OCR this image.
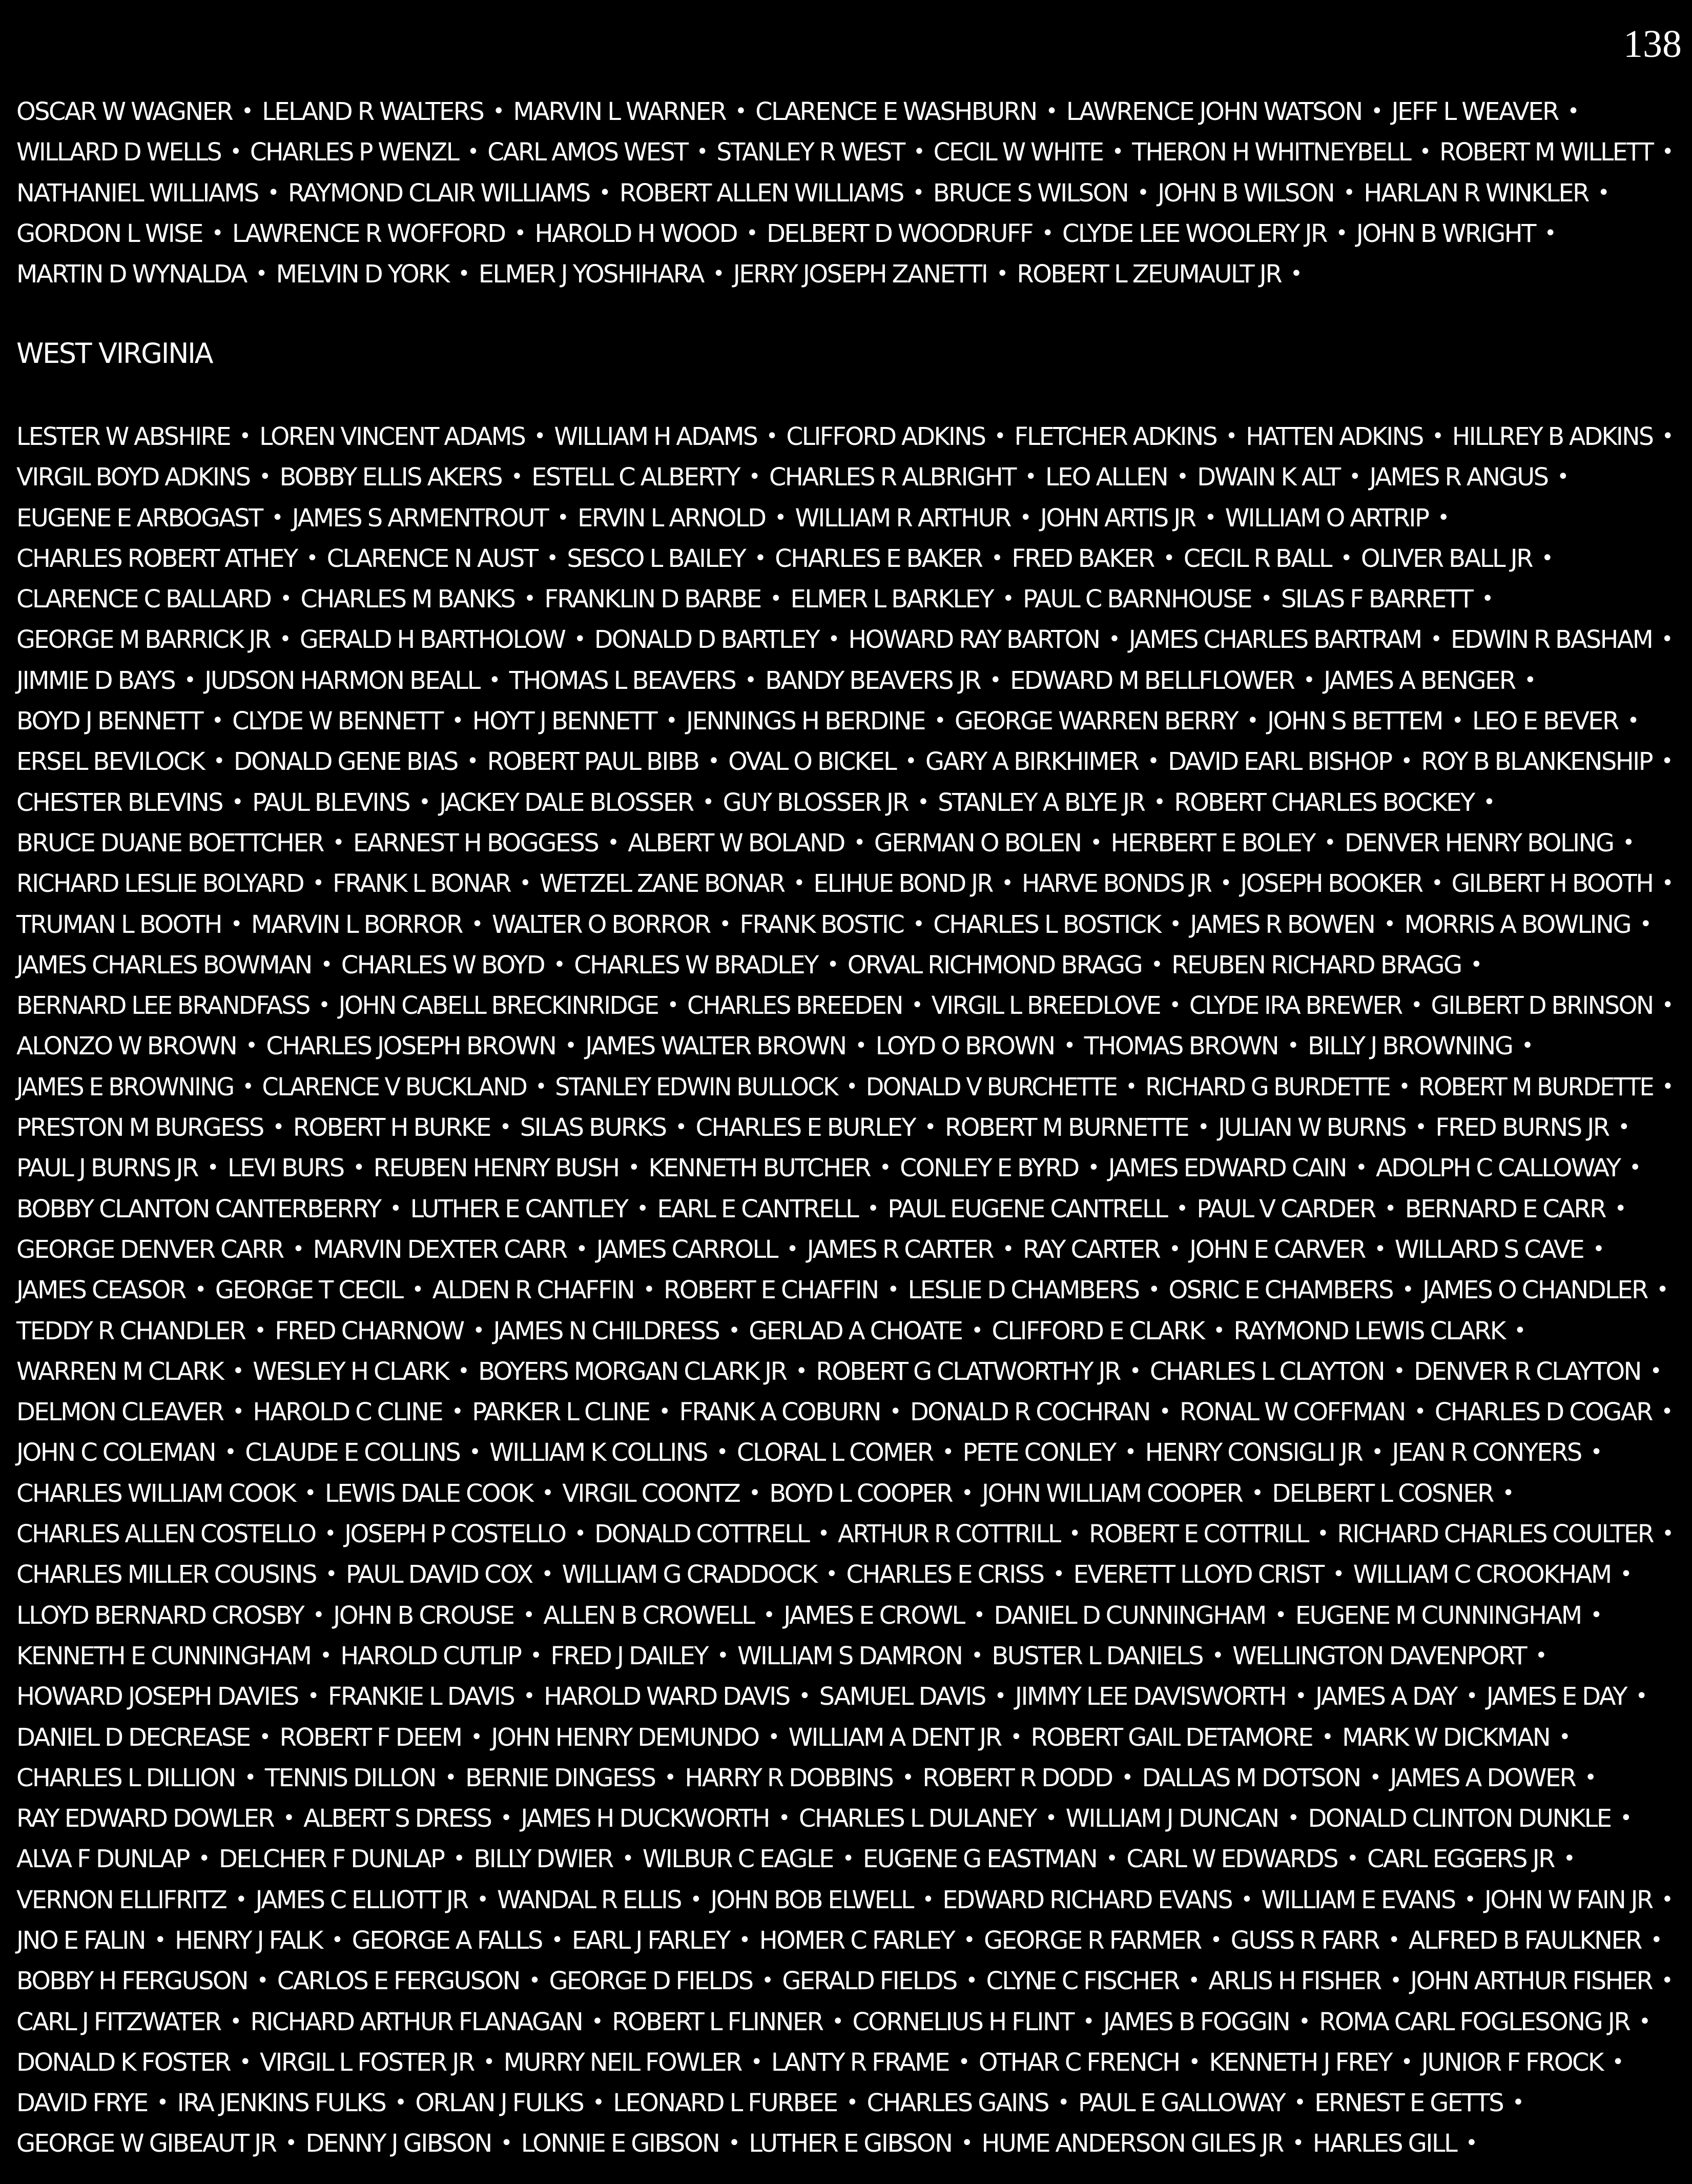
138
OSCAR W WAGNER • LELAND R WALTERS • MARVIN L WARNER • CLARENCE E WASHBURN • LAWRENCE JOHN WATSON • JEFF L WEAVER •
WILLARD D WELLS • CHARLES P WENZL • CARL AMOS WEST • STANLEY R WEST • CECIL W WHITE • THERON H WHITNEYBELL • ROBERT M WILLETT •
NATHANIEL WILLIAMS • RAYMOND CLAIR WILLIAMS • ROBERT ALLEN WILLIAMS • BRUCE S WILSON • JOHN B WILSON • HARLAN R WINKLER •
GORDON L WISE • LAWRENCE R WOFFORD • HAROLD H WOOD • DELBERT D WOODRUFF • CLYDE LEE WOOLERY JR • JOHN B WRIGHT •
MARTIN D WYNALDA • MELVIN D YORK • ELMER J YOSHIHARA • JERRY JOSEPH ZANETTI • ROBERT L ZEUMAULT JR •
WEST VIRGINIA
LESTER W ABSHIRE • LOREN VINCENT ADAMS • WILLIAM H ADAMS • CLIFFORD ADKINS • FLETCHER ADKINS • HATTEN ADKINS • HILLREY B ADKINS •
VIRGIL BOYD ADKINS • BOBBY ELLIS AKERS • ESTELL C ALBERTY • CHARLES R ALBRIGHT • LEO ALLEN • DWAIN K ALT • JAMES R ANGUS •
EUGENE E ARBOGAST • JAMES S ARMENTROUT • ERVIN L ARNOLD • WILLIAM R ARTHUR • JOHN ARTIS JR • WILLIAM O ARTRIP •
CHARLES ROBERT ATHEY • CLARENCE N AUST • SESCO L BAILEY • CHARLES E BAKER • FRED BAKER • CECIL R BALL • OLIVER BALL JR •
CLARENCE C BALLARD • CHARLES M BANKS • FRANKLIN D BARBE • ELMER L BARKLEY • PAUL C BARNHOUSE • SILAS F BARRETT •
GEORGE M BARRICK JR • GERALD H BARTHOLOW • DONALD D BARTLEY • HOWARD RAY BARTON • JAMES CHARLES BARTRAM • EDWIN R BASHAM •
JIMMIE D BAYS • JUDSON HARMON BEALL • THOMAS L BEAVERS • BANDY BEAVERS JR • EDWARD M BELLFLOWER • JAMES A BENGER •
BOYD J BENNETT • CLYDE W BENNETT • HOYT J BENNETT • JENNINGS H BERDINE • GEORGE WARREN BERRY • JOHN S BETTEM • LEO E BEVER •
ERSEL BEVILOCK • DONALD GENE BIAS • ROBERT PAUL BIBB • OVAL O BICKEL • GARY A BIRKHIMER • DAVID EARL BISHOP • ROY B BLANKENSHIP •
CHESTER BLEVINS • PAUL BLEVINS • JACKEY DALE BLOSSER • GUY BLOSSER JR • STANLEY A BLYE JR • ROBERT CHARLES BOCKEY •
BRUCE DUANE BOETTCHER • EARNEST H BOGGESS • ALBERT W BOLAND • GERMAN O BOLEN • HERBERT E BOLEY • DENVER HENRY BOLING •
RICHARD LESLIE BOLYARD • FRANK L BONAR • WETZEL ZANE BONAR • ELIHUE BOND JR • HARVE BONDS JR • JOSEPH BOOKER • GILBERT H BOOTH •
TRUMAN L BOOTH • MARVIN L BORROR • WALTER O BORROR • FRANK BOSTIC • CHARLES L BOSTICK • JAMES R BOWEN • MORRIS A BOWLING •
JAMES CHARLES BOWMAN • CHARLES W BOYD • CHARLES W BRADLEY • ORVAL RICHMOND BRAGG • REUBEN RICHARD BRAGG •
BERNARD LEE BRANDFASS • JOHN CABELL BRECKINRIDGE • CHARLES BREEDEN • VIRGIL L BREEDLOVE • CLYDE IRA BREWER • GILBERT D BRINSON •
ALONZO W BROWN • CHARLES JOSEPH BROWN • JAMES WALTER BROWN • LOYD O BROWN • THOMAS BROWN • BILLY J BROWNING •
JAMES E BROWNING • CLARENCE V BUCKLAND • STANLEY EDWIN BULLOCK • DONALD V BURCHETTE • RICHARD G BURDETTE • ROBERT M BURDETTE •
PRESTON M BURGESS • ROBERT H BURKE • SILAS BURKS • CHARLES E BURLEY • ROBERT M BURNETTE • JULIAN W BURNS • FRED BURNS JR •
PAUL J BURNS JR • LEVI BURS • REUBEN HENRY BUSH • KENNETH BUTCHER • CONLEY E BYRD • JAMES EDWARD CAIN • ADOLPH C CALLOWAY •
BOBBY CLANTON CANTERBERRY • LUTHER E CANTLEY • EARL E CANTRELL • PAUL EUGENE CANTRELL • PAUL V CARDER • BERNARD E CARR •
GEORGE DENVER CARR • MARVIN DEXTER CARR • JAMES CARROLL • JAMES R CARTER • RAY CARTER • JOHN E CARVER • WILLARD S CAVE •
JAMES CEASOR • GEORGE T CECIL • ALDEN R CHAFFIN • ROBERT E CHAFFIN • LESLIE D CHAMBERS • OSRIC E CHAMBERS • JAMES O CHANDLER •
TEDDY R CHANDLER • FRED CHARNOW • JAMES N CHILDRESS • GERLAD A CHOATE • CLIFFORD E CLARK • RAYMOND LEWIS CLARK •
WARREN M CLARK • WESLEY H CLARK • BOYERS MORGAN CLARK JR • ROBERT G CLATWORTHY JR • CHARLES L CLAYTON • DENVER R CLAYTON •
DELMON CLEAVER • HAROLD C CLINE • PARKER L CLINE • FRANK A COBURN • DONALD R COCHRAN • RONAL W COFFMAN • CHARLES D COGAR •
JOHN C COLEMAN • CLAUDE E COLLINS • WILLIAM K COLLINS • CLORAL L COMER • PETE CONLEY • HENRY CONSIGLI JR • JEAN R CONYERS •
CHARLES WILLIAM COOK • LEWIS DALE COOK • VIRGIL COONTZ • BOYD L COOPER • JOHN WILLIAM COOPER • DELBERT L COSNER •
CHARLES ALLEN COSTELLO • JOSEPH P COSTELLO • DONALD COTTRELL • ARTHUR R COTTRILL • ROBERT E COTTRILL • RICHARD CHARLES COULTER •
CHARLES MILLER COUSINS • PAUL DAVID COX • WILLIAM G CRADDOCK • CHARLES E CRISS • EVERETT LLOYD CRIST • WILLIAM C CROOKHAM •
LLOYD BERNARD CROSBY • JOHN B CROUSE • ALLEN B CROWELL • JAMES E CROWL • DANIEL D CUNNINGHAM • EUGENE M CUNNINGHAM •
KENNETH E CUNNINGHAM • HAROLD CUTLIP • FRED J DAILEY • WILLIAM S DAMRON • BUSTER L DANIELS • WELLINGTON DAVENPORT •
HOWARD JOSEPH DAVIES • FRANKIE L DAVIS • HAROLD WARD DAVIS • SAMUEL DAVIS • JIMMY LEE DAVISWORTH • JAMES A DAY • JAMES E DAY •
DANIEL D DECREASE • ROBERT F DEEM • JOHN HENRY DEMUNDO • WILLIAM A DENT JR • ROBERT GAIL DETAMORE • MARK W DICKMAN •
CHARLES L DILLION • TENNIS DILLON • BERNIE DINGESS • HARRY R DOBBINS • ROBERT R DODD • DALLAS M DOTSON • JAMES A DOWER •
RAY EDWARD DOWLER • ALBERT S DRESS • JAMES H DUCKWORTH • CHARLES L DULANEY • WILLIAM J DUNCAN • DONALD CLINTON DUNKLE •
ALVA F DUNLAP • DELCHER F DUNLAP • BILLY DWIER • WILBUR C EAGLE • EUGENE G EASTMAN • CARL W EDWARDS • CARL EGGERS JR •
VERNON ELLIFRITZ • JAMES C ELLIOTT JR • WANDAL R ELLIS • JOHN BOB ELWELL • EDWARD RICHARD EVANS • WILLIAM E EVANS • JOHN W FAIN JR •
JNO E FALIN • HENRY J FALK • GEORGE A FALLS • EARL J FARLEY • HOMER C FARLEY • GEORGE R FARMER • GUSS R FARR • ALFRED B FAULKNER •
BOBBY H FERGUSON • CARLOS E FERGUSON • GEORGE D FIELDS • GERALD FIELDS • CLYNE C FISCHER • ARLIS H FISHER • JOHN ARTHUR FISHER •
CARL J FITZWATER • RICHARD ARTHUR FLANAGAN • ROBERT L FLINNER • CORNELIUS H FLINT • JAMES B FOGGIN • ROMA CARL FOGLESONG JR •
DONALD K FOSTER • VIRGIL L FOSTER JR • MURRY NEIL FOWLER • LANTY R FRAME • OTHAR C FRENCH • KENNETH J FREY • JUNIOR F FROCK •
DAVID FRYE • IRA JENKINS FULKS • ORLAN J FULKS • LEONARD L FURBEE • CHARLES GAINS • PAUL E GALLOWAY • ERNEST E GETTS •
GEORGE W GIBEAUT JR • DENNY J GIBSON • LONNIE E GIBSON • LUTHER E GIBSON • HUME ANDERSON GILES JR • HARLES GILL •
